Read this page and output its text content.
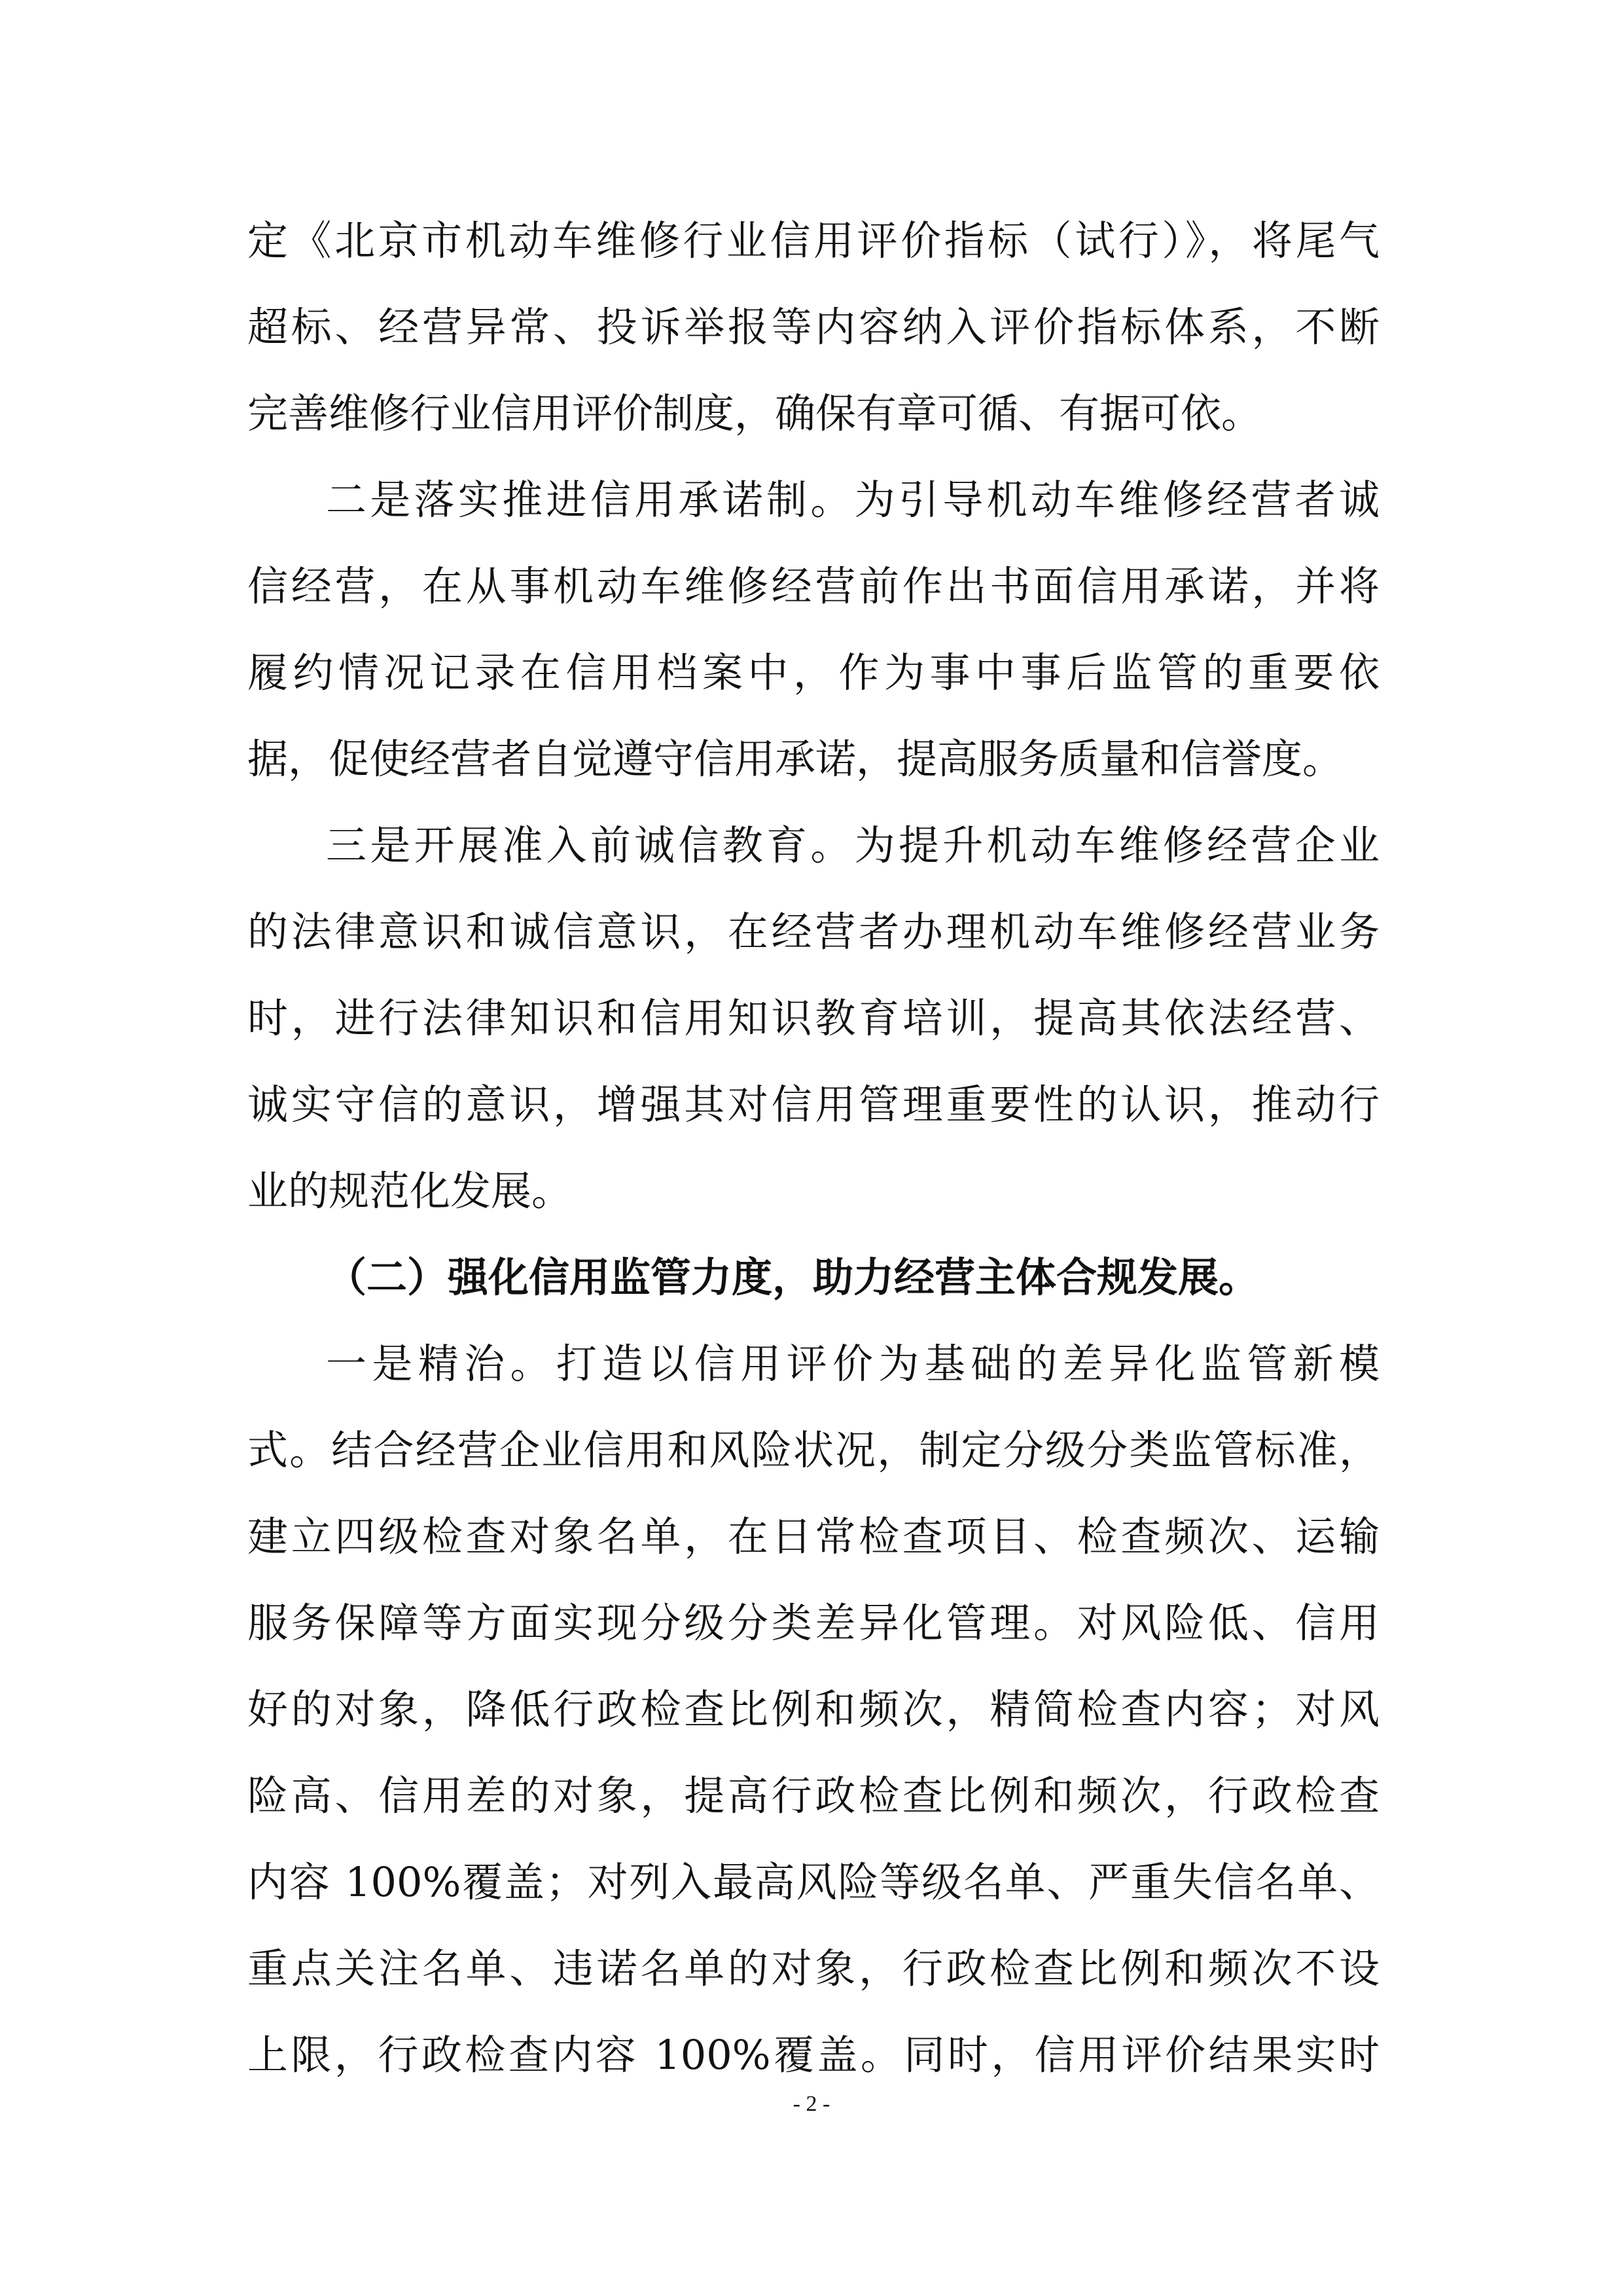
定《北京市机动车维修行业信用评价指标（试行）》，将尾气
超标、经营异常、投诉举报等内容纳入评价指标体系，不断
完善维修行业信用评价制度，确保有章可循、有据可依。
二是落实推进信用承诺制。为引导机动车维修经营者诚
信经营，在从事机动车维修经营前作出书面信用承诺，并将
履约情况记录在信用档案中，作为事中事后监管的重要依
据，促使经营者自觉遵守信用承诺，提高服务质量和信誉度。
三是开展准入前诚信教育。为提升机动车维修经营企业
的法律意识和诚信意识，在经营者办理机动车维修经营业务
时，进行法律知识和信用知识教育培训，提高其依法经营、
诚实守信的意识，增强其对信用管理重要性的认识，推动行
业的规范化发展。
（二）强化信用监管力度，助力经营主体合规发展。
一是精治。打造以信用评价为基础的差异化监管新模
式。结合经营企业信用和风险状况，制定分级分类监管标准，
建立四级检查对象名单，在日常检查项目、检查频次、运输
服务保障等方面实现分级分类差异化管理。对风险低、信用
好的对象，降低行政检查比例和频次，精简检查内容；对风
险高、信用差的对象，提高行政检查比例和频次，行政检查
内容 100%覆盖；对列入最高风险等级名单、严重失信名单、
重点关注名单、违诺名单的对象，行政检查比例和频次不设
上限，行政检查内容 100%覆盖。同时，信用评价结果实时
- 2 -
